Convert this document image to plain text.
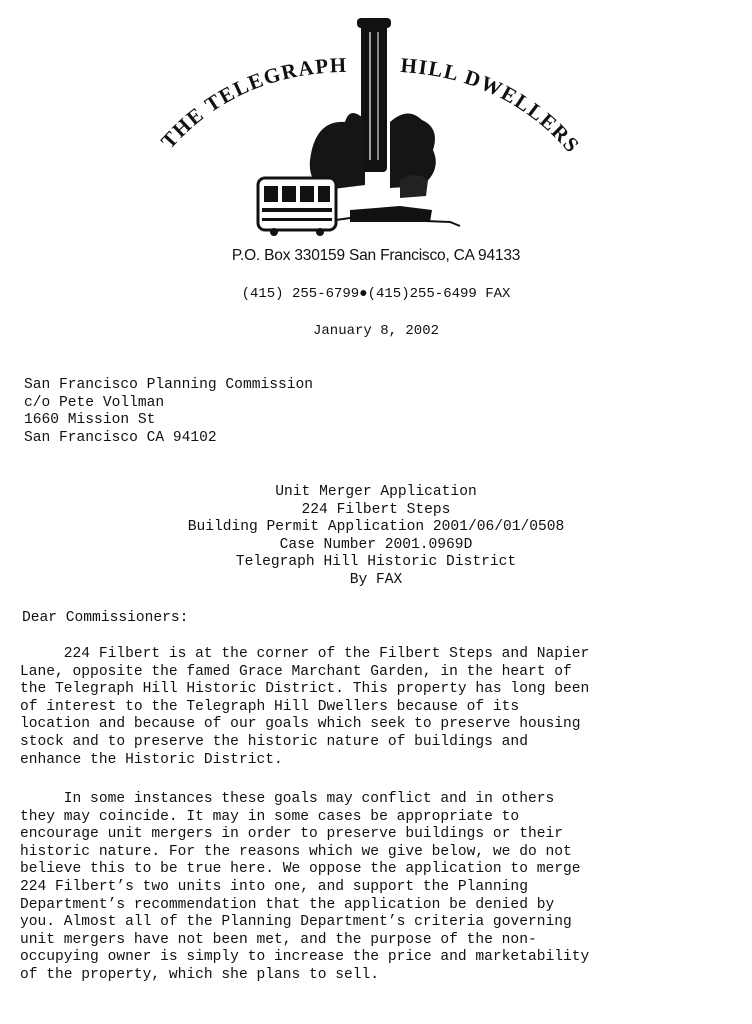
THE TELEGRAPH HILL DWELLERS
P.O. Box 330159 San Francisco, CA 94133
(415) 255-6799●(415)255-6499 FAX
January 8, 2002
San Francisco Planning Commission
c/o Pete Vollman
1660 Mission St
San Francisco CA 94102
Unit Merger Application
224 Filbert Steps
Building Permit Application 2001/06/01/0508
Case Number 2001.0969D
Telegraph Hill Historic District
By FAX
Dear Commissioners:
224 Filbert is at the corner of the Filbert Steps and Napier
Lane, opposite the famed Grace Marchant Garden, in the heart of
the Telegraph Hill Historic District. This property has long been
of interest to the Telegraph Hill Dwellers because of its
location and because of our goals which seek to preserve housing
stock and to preserve the historic nature of buildings and
enhance the Historic District.
In some instances these goals may conflict and in others
they may coincide. It may in some cases be appropriate to
encourage unit mergers in order to preserve buildings or their
historic nature. For the reasons which we give below, we do not
believe this to be true here. We oppose the application to merge
224 Filbert’s two units into one, and support the Planning
Department’s recommendation that the application be denied by
you. Almost all of the Planning Department’s criteria governing
unit mergers have not been met, and the purpose of the non-
occupying owner is simply to increase the price and marketability
of the property, which she plans to sell.
